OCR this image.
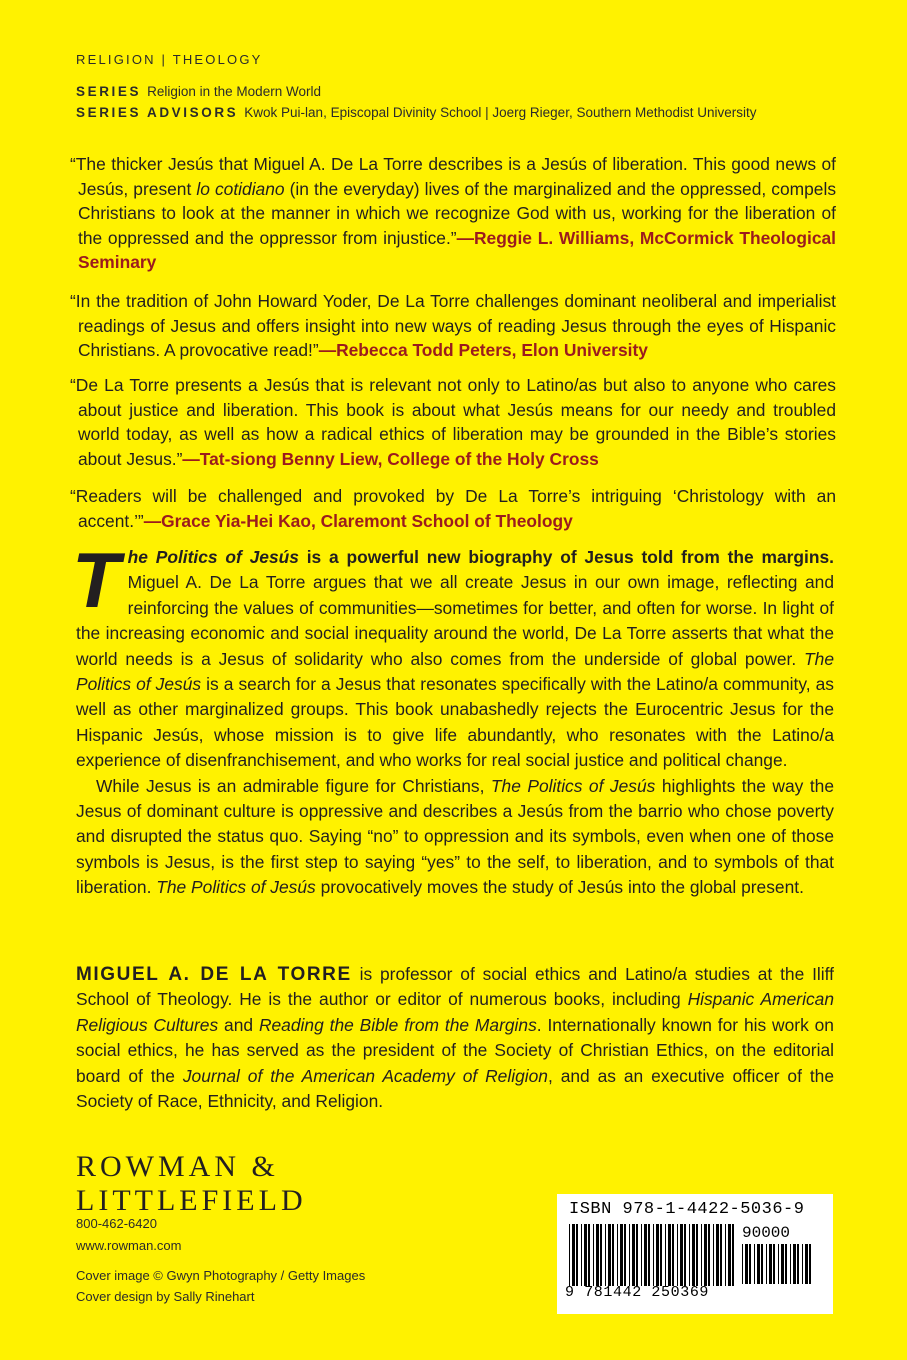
RELIGION | THEOLOGY
SERIES Religion in the Modern World
SERIES ADVISORS Kwok Pui-lan, Episcopal Divinity School | Joerg Rieger, Southern Methodist University
“The thicker Jesús that Miguel A. De La Torre describes is a Jesús of liberation. This good news of Jesús, present lo cotidiano (in the everyday) lives of the marginalized and the oppressed, compels Christians to look at the manner in which we recognize God with us, working for the liberation of the oppressed and the oppressor from injustice.”—Reggie L. Williams, McCormick Theological Seminary
“In the tradition of John Howard Yoder, De La Torre challenges dominant neoliberal and imperialist readings of Jesus and offers insight into new ways of reading Jesus through the eyes of Hispanic Christians. A provocative read!”—Rebecca Todd Peters, Elon University
“De La Torre presents a Jesús that is relevant not only to Latino/as but also to anyone who cares about justice and liberation. This book is about what Jesús means for our needy and troubled world today, as well as how a radical ethics of liberation may be grounded in the Bible’s stories about Jesus.”—Tat-siong Benny Liew, College of the Holy Cross
“Readers will be challenged and provoked by De La Torre’s intriguing ‘Christology with an accent.’”—Grace Yia-Hei Kao, Claremont School of Theology

The Politics of Jesús is a powerful new biography of Jesus told from the margins. Miguel A. De La Torre argues that we all create Jesus in our own image, reflecting and reinforcing the values of communities—sometimes for better, and often for worse. In light of the increasing economic and social inequality around the world, De La Torre asserts that what the world needs is a Jesus of solidarity who also comes from the underside of global power. The Politics of Jesús is a search for a Jesus that resonates specifically with the Latino/a community, as well as other marginalized groups. This book unabashedly rejects the Eurocentric Jesus for the Hispanic Jesús, whose mission is to give life abundantly, who resonates with the Latino/a experience of disenfranchisement, and who works for real social justice and political change.

While Jesus is an admirable figure for Christians, The Politics of Jesús highlights the way the Jesus of dominant culture is oppressive and describes a Jesús from the barrio who chose poverty and disrupted the status quo. Saying “no” to oppression and its symbols, even when one of those symbols is Jesus, is the first step to saying “yes” to the self, to liberation, and to symbols of that liberation. The Politics of Jesús provocatively moves the study of Jesús into the global present.

MIGUEL A. DE LA TORRE is professor of social ethics and Latino/a studies at the Iliff School of Theology. He is the author or editor of numerous books, including Hispanic American Religious Cultures and Reading the Bible from the Margins. Internationally known for his work on social ethics, he has served as the president of the Society of Christian Ethics, on the editorial board of the Journal of the American Academy of Religion, and as an executive officer of the Society of Race, Ethnicity, and Religion.
ROWMAN &
LITTLEFIELD
800-462-6420
www.rowman.com
Cover image © Gwyn Photography / Getty Images
Cover design by Sally Rinehart
ISBN 978-1-4422-5036-9
90000
9 781442 250369
